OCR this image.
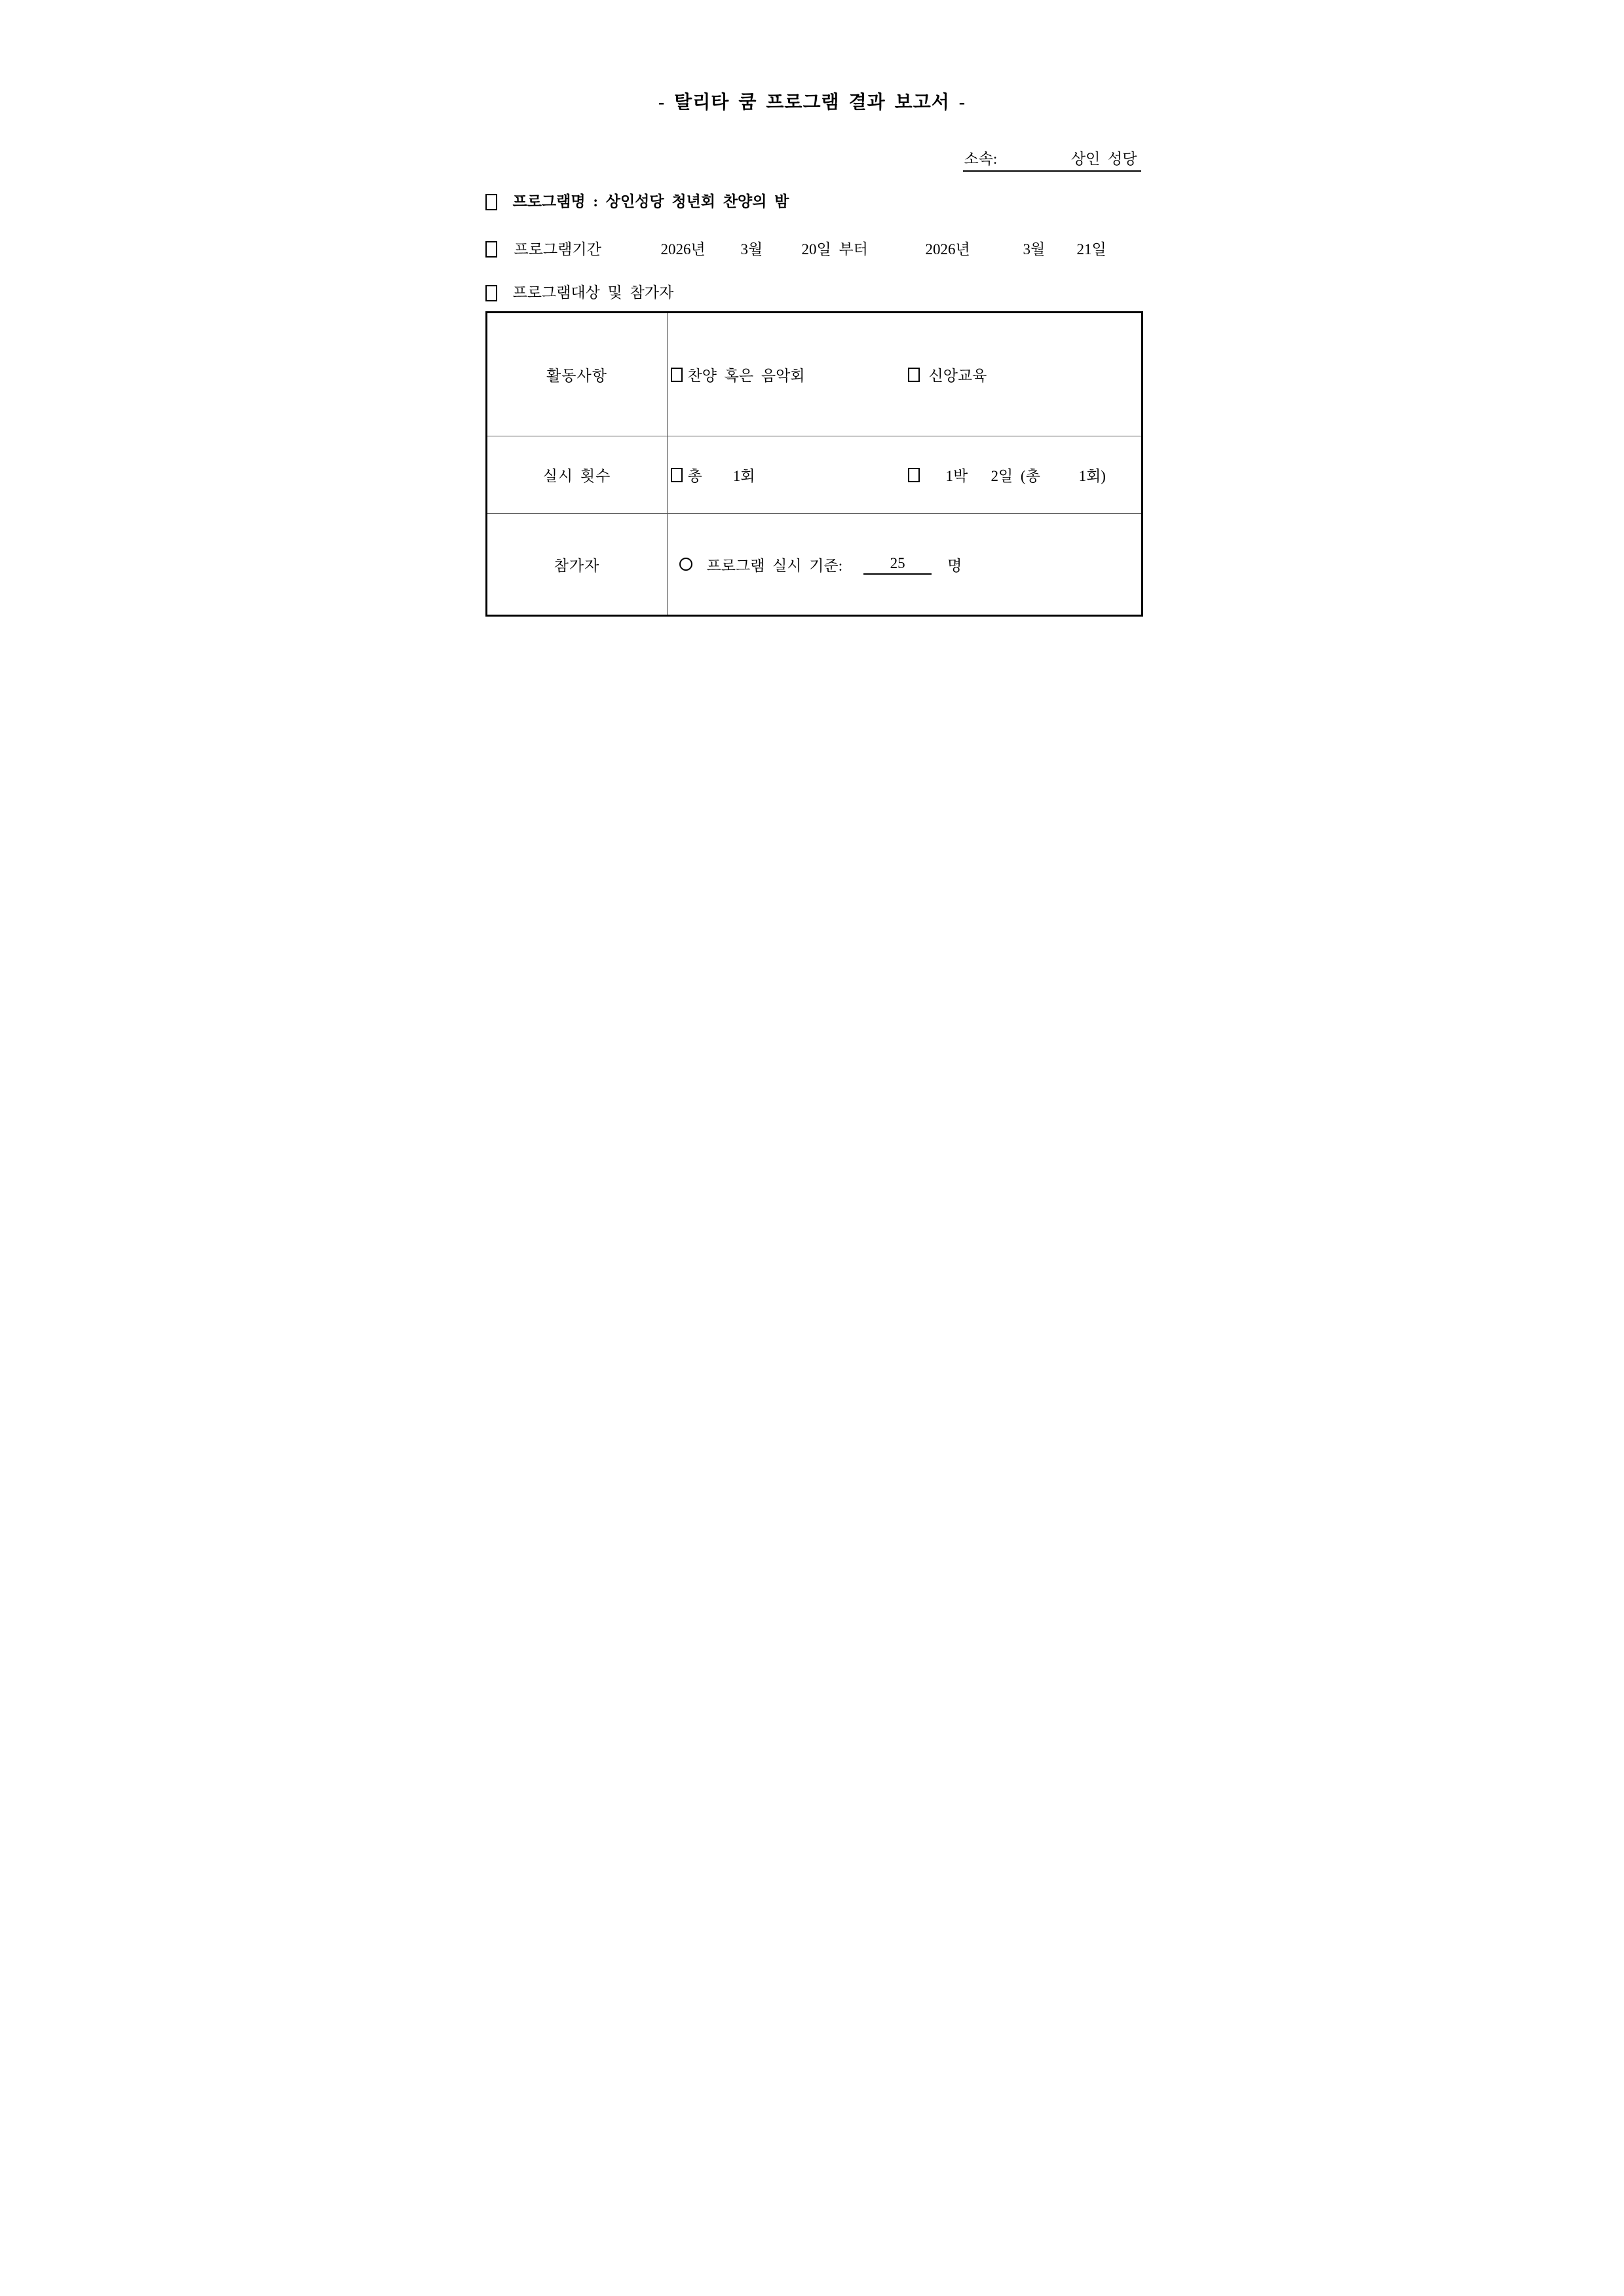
- 탈리타 쿰 프로그램 결과 보고서 -
소속:	상인 성당
프로그램명 : 상인성당 청년회 찬양의 밤
프로그램기간	2026년 3월	20일 부터	2026년	3월 21일
프로그램대상 및 참가자
활동사항	찬양 혹은 음악회	신앙교육
실시 횟수	총    1회	1박   2일 (총     1회)
참가자	프로그램 실시 기준:	25	명
